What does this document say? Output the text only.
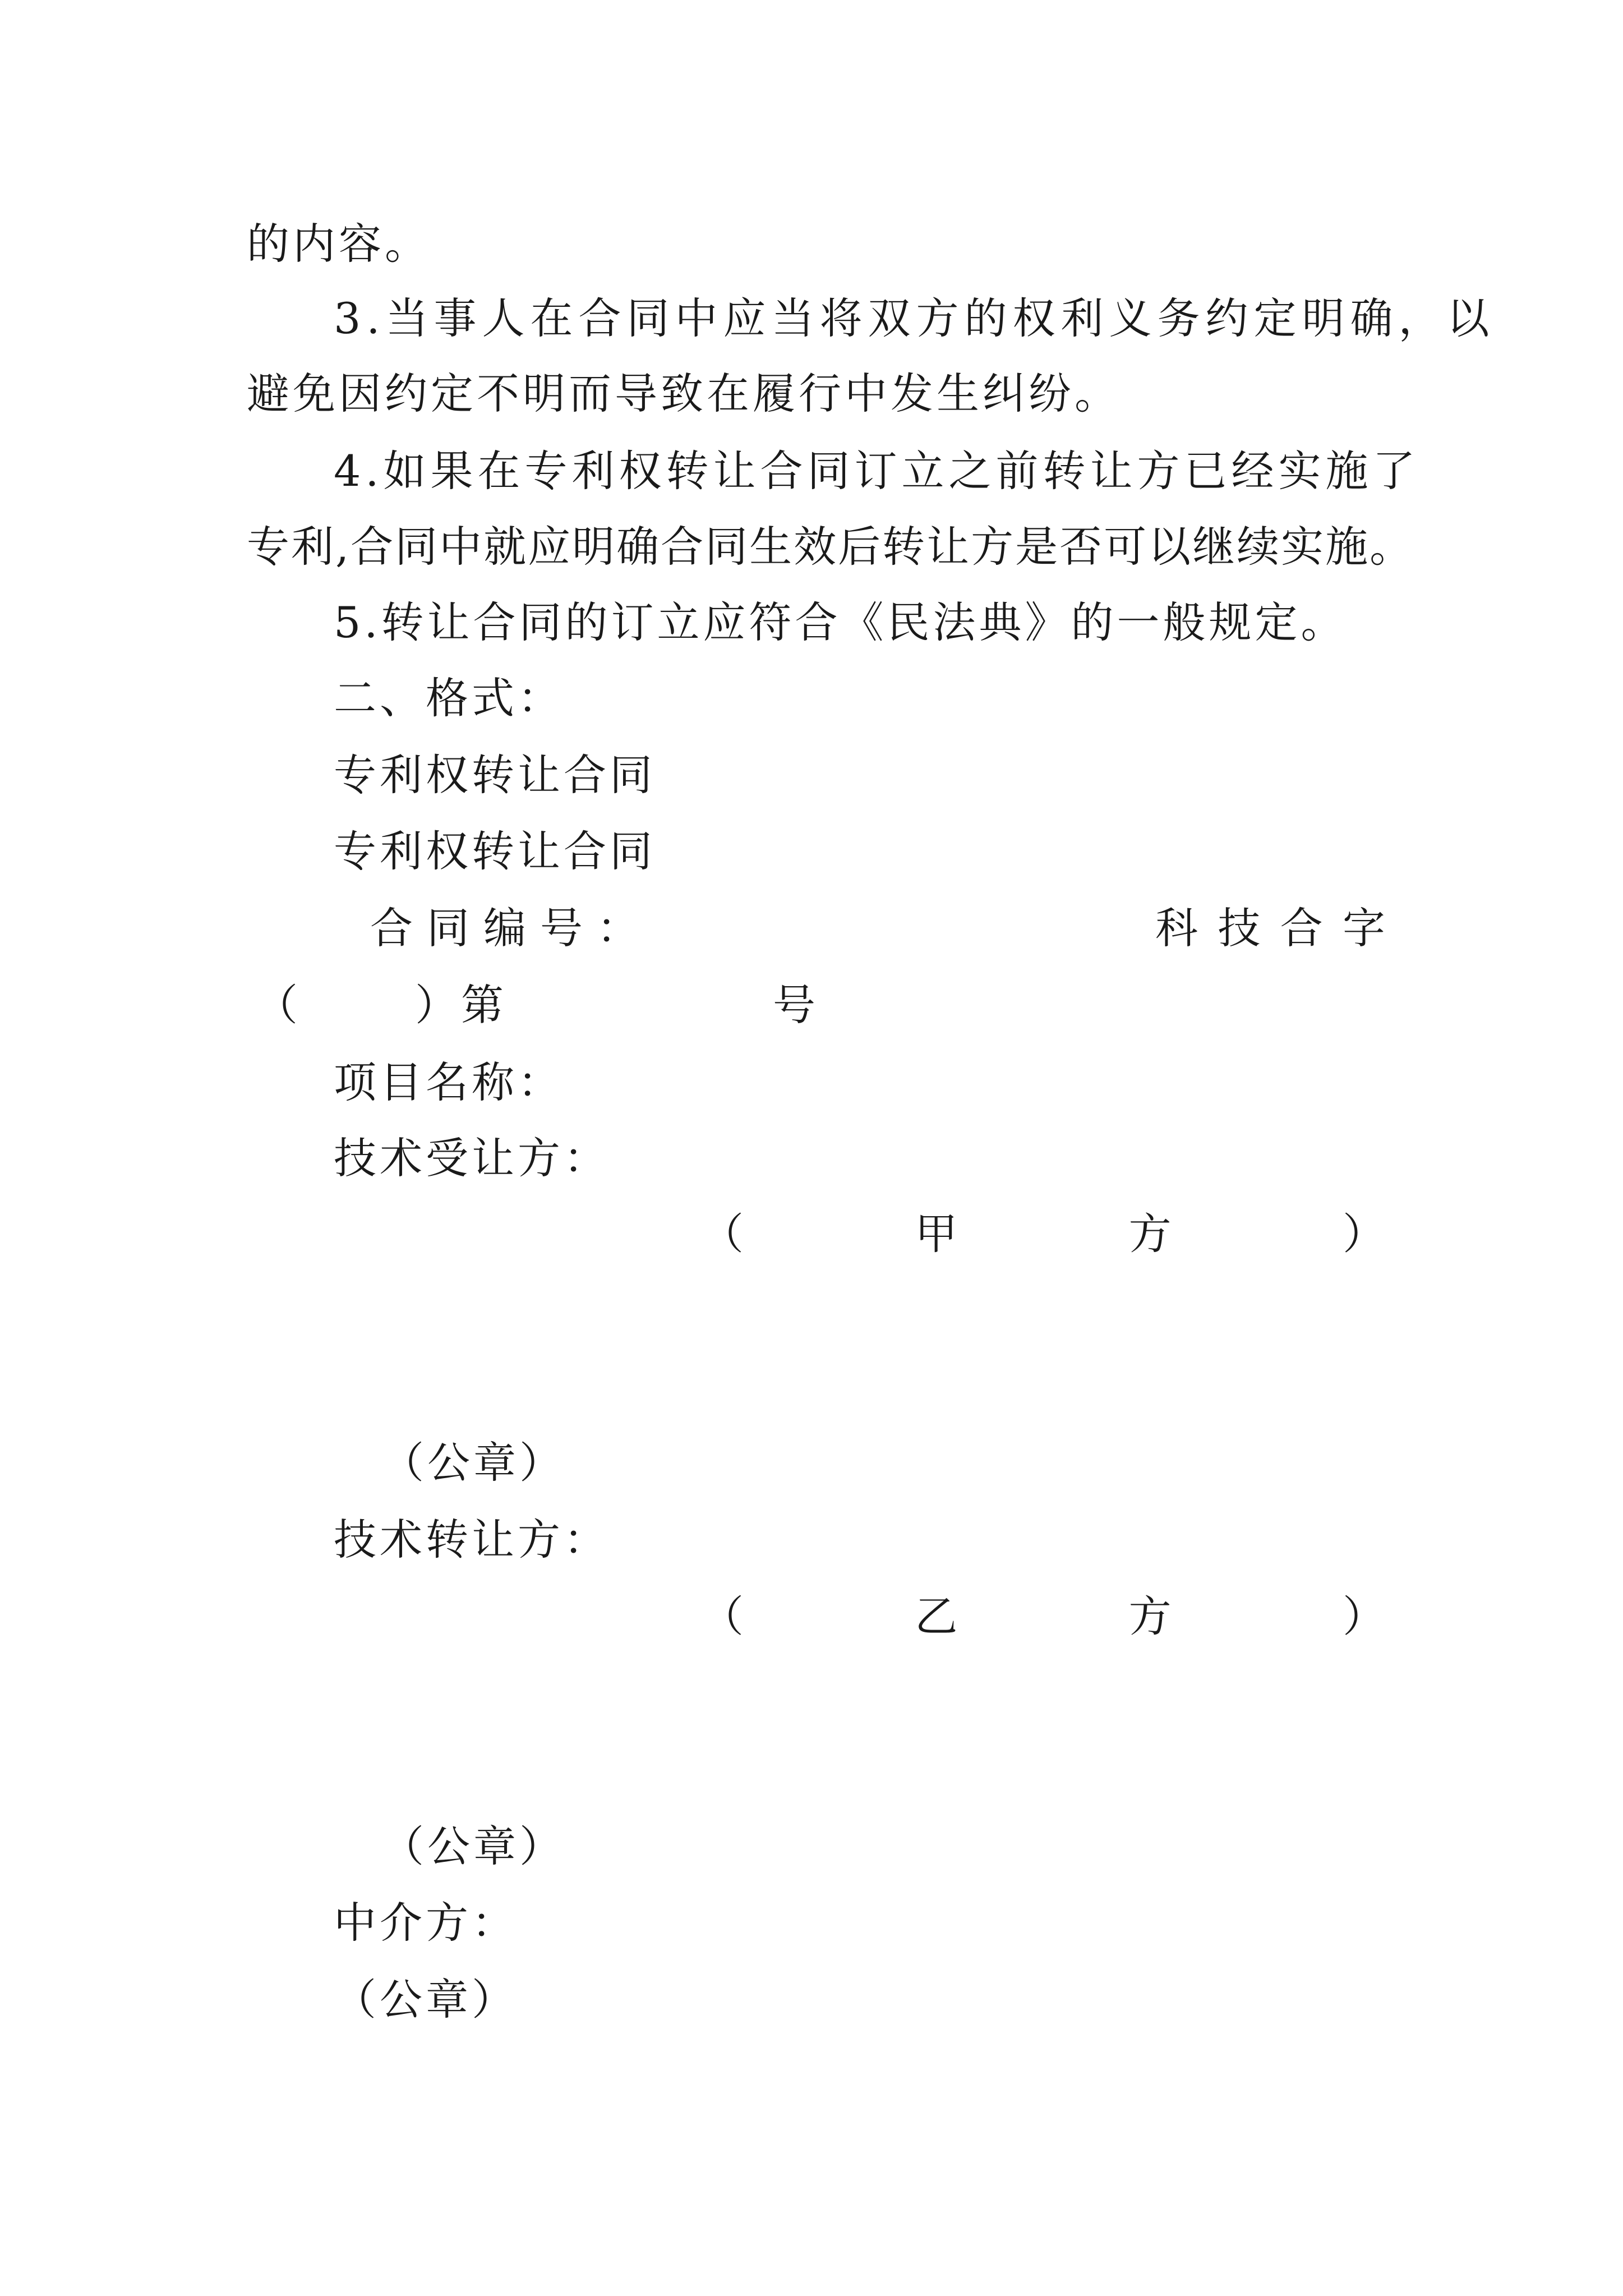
的内容。
3.当事人在合同中应当将双方的权利义务约定明确，以
避免因约定不明而导致在履行中发生纠纷。
4.如果在专利权转让合同订立之前转让方已经实施了
专利,合同中就应明确合同生效后转让方是否可以继续实施。
5.转让合同的订立应符合《民法典》的一般规定。
二、格式：
专利权转让合同
专利权转让合同
合 同 编 号 ：	科 技 合 字
（	）第	号
项目名称：
技术受让方：
（	甲	方	）
（公章）
技术转让方：
（	乙	方	）
（公章）
中介方：
（公章）
